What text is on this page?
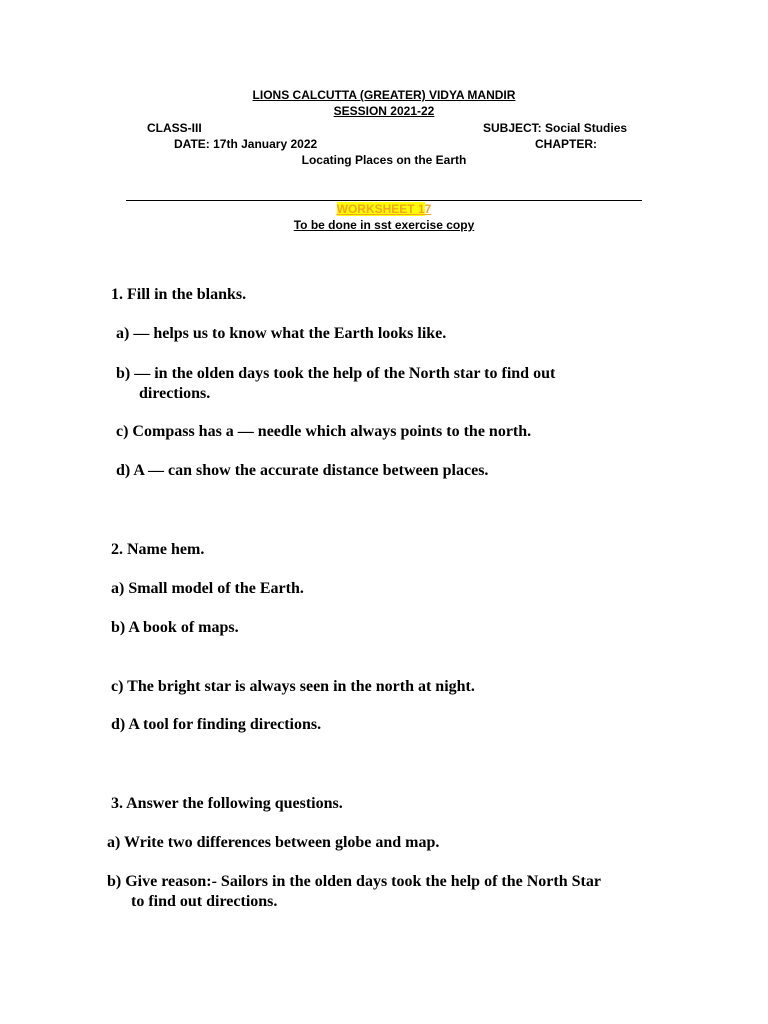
LIONS CALCUTTA (GREATER) VIDYA MANDIR
SESSION 2021-22
CLASS-III	SUBJECT: Social Studies
DATE: 17th January 2022	CHAPTER:
Locating Places on the Earth
WORKSHEET 17
To be done in sst exercise copy
1. Fill in the blanks.
a) — helps us to know what the Earth looks like.
b) — in the olden days took the help of the North star to find out
directions.
c) Compass has a — needle which always points to the north.
d) A — can show the accurate distance between places.
2. Name hem.
a) Small model of the Earth.
b) A book of maps.
c) The bright star is always seen in the north at night.
d) A tool for finding directions.
3. Answer the following questions.
a) Write two differences between globe and map.
b) Give reason:- Sailors in the olden days took the help of the North Star
to find out directions.
